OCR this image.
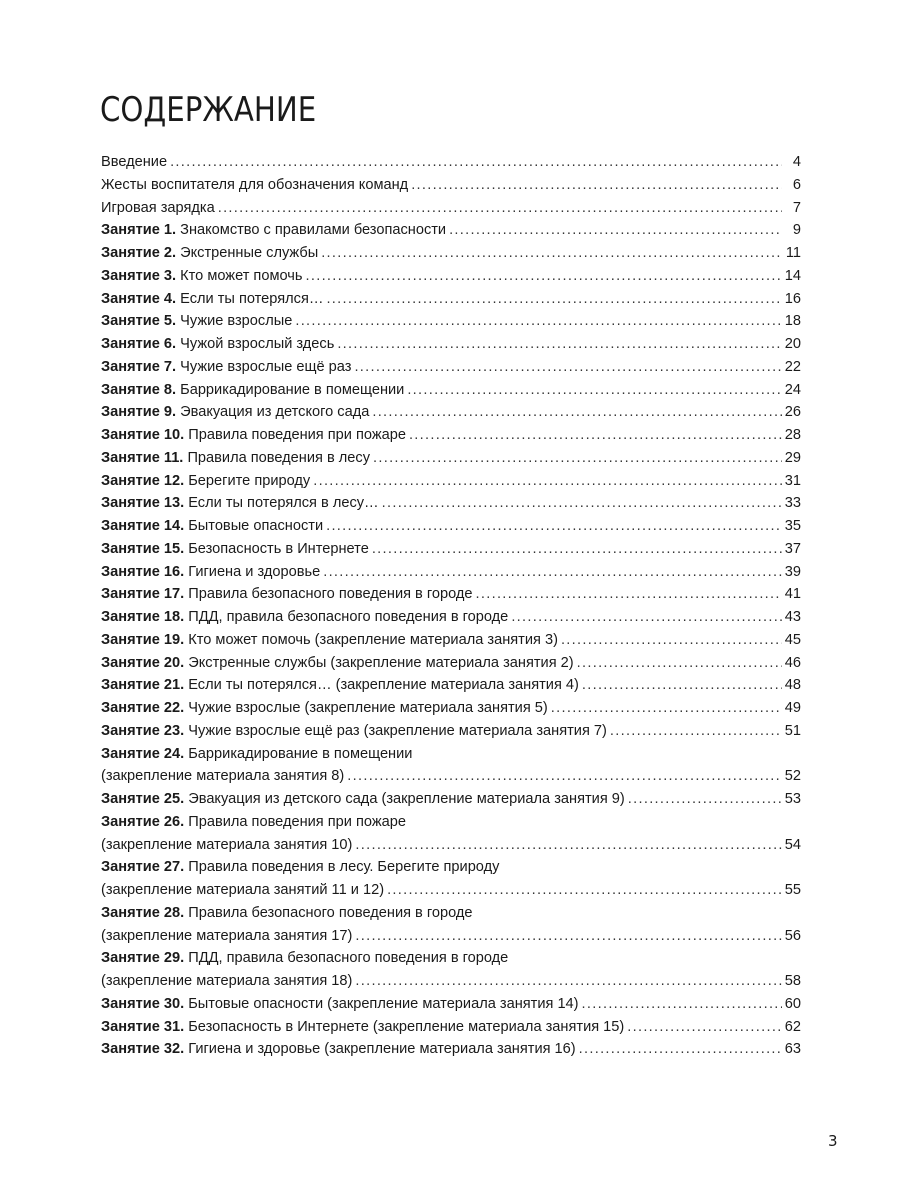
СОДЕРЖАНИЕ
Введение .....	4
Жесты воспитателя для обозначения команд .....	6
Игровая зарядка .....	7
Занятие 1. Знакомство с правилами безопасности .....	9
Занятие 2. Экстренные службы .....	11
Занятие 3. Кто может помочь .....	14
Занятие 4. Если ты потерялся… .....	16
Занятие 5. Чужие взрослые .....	18
Занятие 6. Чужой взрослый здесь .....	20
Занятие 7. Чужие взрослые ещё раз .....	22
Занятие 8. Баррикадирование в помещении .....	24
Занятие 9. Эвакуация из детского сада .....	26
Занятие 10. Правила поведения при пожаре .....	28
Занятие 11. Правила поведения в лесу .....	29
Занятие 12. Берегите природу .....	31
Занятие 13. Если ты потерялся в лесу… .....	33
Занятие 14. Бытовые опасности .....	35
Занятие 15. Безопасность в Интернете .....	37
Занятие 16. Гигиена и здоровье .....	39
Занятие 17. Правила безопасного поведения в городе .....	41
Занятие 18. ПДД, правила безопасного поведения в городе .....	43
Занятие 19. Кто может помочь (закрепление материала занятия 3) .....	45
Занятие 20. Экстренные службы (закрепление материала занятия 2) .....	46
Занятие 21. Если ты потерялся… (закрепление материала занятия 4) .....	48
Занятие 22. Чужие взрослые (закрепление материала занятия 5) .....	49
Занятие 23. Чужие взрослые ещё раз (закрепление материала занятия 7) .....	51
Занятие 24. Баррикадирование в помещении
(закрепление материала занятия 8) .....	52
Занятие 25. Эвакуация из детского сада (закрепление материала занятия 9) .....	53
Занятие 26. Правила поведения при пожаре
(закрепление материала занятия 10) .....	54
Занятие 27. Правила поведения в лесу. Берегите природу
(закрепление материала занятий 11 и 12) .....	55
Занятие 28. Правила безопасного поведения в городе
(закрепление материала занятия 17) .....	56
Занятие 29. ПДД, правила безопасного поведения в городе
(закрепление материала занятия 18) .....	58
Занятие 30. Бытовые опасности (закрепление материала занятия 14) .....	60
Занятие 31. Безопасность в Интернете (закрепление материала занятия 15) .....	62
Занятие 32. Гигиена и здоровье (закрепление материала занятия 16) .....	63
3
